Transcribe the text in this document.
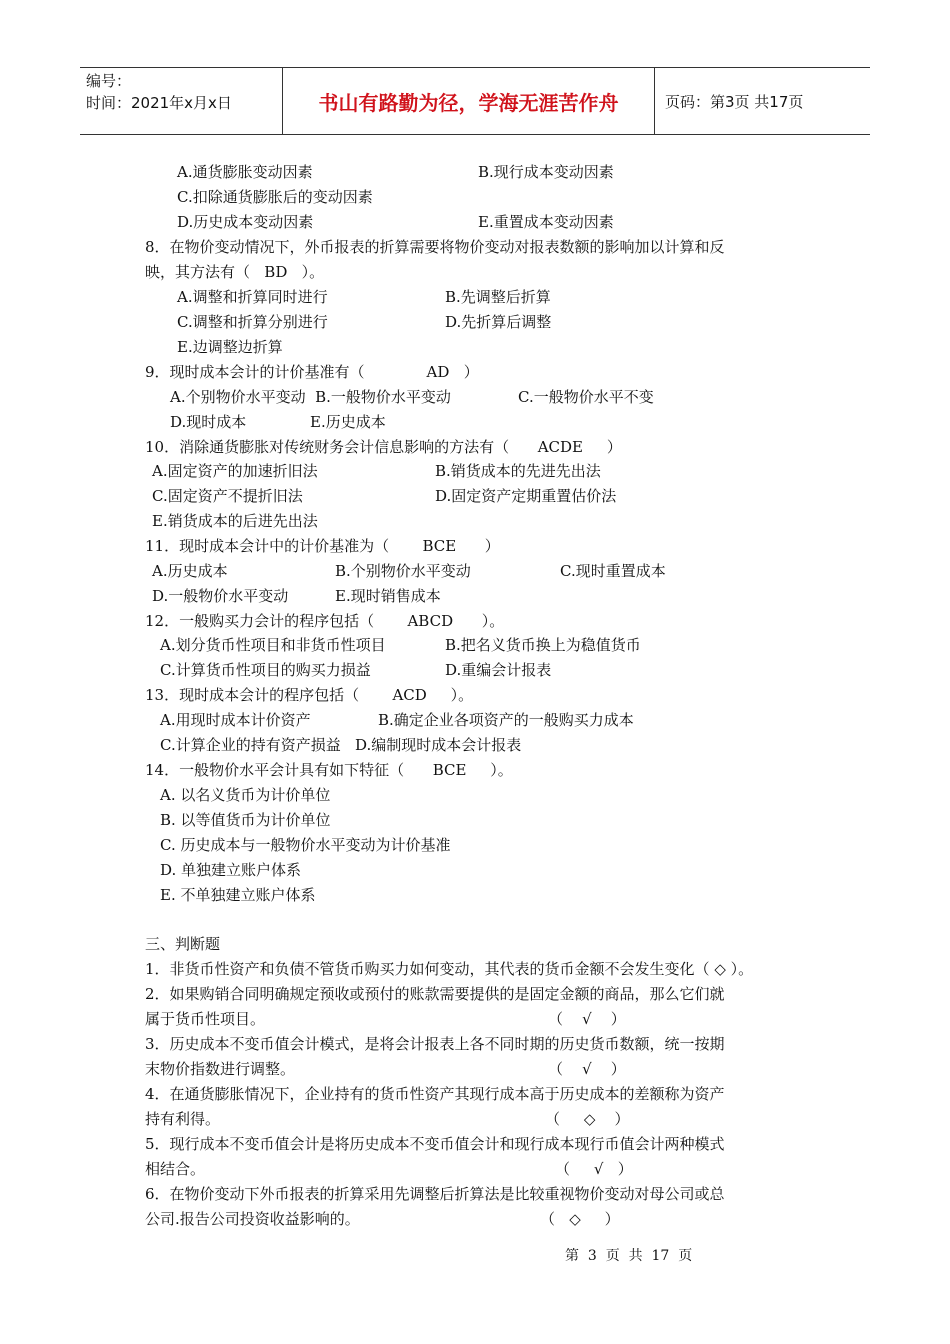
编号：
时间：2021年x月x日	书山有路勤为径，学海无涯苦作舟	页码：第3页 共17页
A.通货膨胀变动因素	B.现行成本变动因素
C.扣除通货膨胀后的变动因素
D.历史成本变动因素	E.重置成本变动因素
8．在物价变动情况下，外币报表的折算需要将物价变动对报表数额的影响加以计算和反
映，其方法有（   BD   ）。
A.调整和折算同时进行	B.先调整后折算
C.调整和折算分别进行	D.先折算后调整
E.边调整边折算
9．现时成本会计的计价基准有（             AD   ）
A.个别物价水平变动  B.一般物价水平变动	C.一般物价水平不变
D.现时成本	E.历史成本
10．消除通货膨胀对传统财务会计信息影响的方法有（      ACDE     ）
A.固定资产的加速折旧法	B.销货成本的先进先出法
C.固定资产不提折旧法	D.固定资产定期重置估价法
E.销货成本的后进先出法
11．现时成本会计中的计价基准为（       BCE      ）
A.历史成本	B.个别物价水平变动	C.现时重置成本
D.一般物价水平变动	E.现时销售成本
12．一般购买力会计的程序包括（       ABCD      ）。
A.划分货币性项目和非货币性项目	B.把名义货币换上为稳值货币
C.计算货币性项目的购买力损益	D.重编会计报表
13．现时成本会计的程序包括（       ACD     ）。
A.用现时成本计价资产	B.确定企业各项资产的一般购买力成本
C.计算企业的持有资产损益   D.编制现时成本会计报表
14．一般物价水平会计具有如下特征（      BCE     ）。
A. 以名义货币为计价单位
B. 以等值货币为计价单位
C. 历史成本与一般物价水平变动为计价基准
D. 单独建立账户体系
E. 不单独建立账户体系
三、判断题
1．非货币性资产和负债不管货币购买力如何变动，其代表的货币金额不会发生变化（ ◇ ）。
2．如果购销合同明确规定预收或预付的账款需要提供的是固定金额的商品，那么它们就
属于货币性项目。	（    √    ）
3．历史成本不变币值会计模式，是将会计报表上各不同时期的历史货币数额，统一按期
末物价指数进行调整。	（    √    ）
4．在通货膨胀情况下，企业持有的货币性资产其现行成本高于历史成本的差额称为资产
持有利得。	（     ◇    ）
5．现行成本不变币值会计是将历史成本不变币值会计和现行成本现行币值会计两种模式
相结合。	（     √   ）
6．在物价变动下外币报表的折算采用先调整后折算法是比较重视物价变动对母公司或总
公司.报告公司投资收益影响的。	（   ◇     ）
第  3  页  共  17  页
